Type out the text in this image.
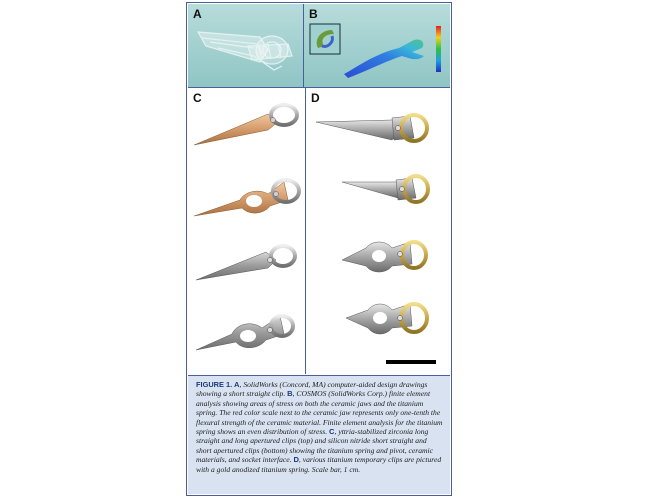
A	B
C	D
FIGURE 1. A, SolidWorks (Concord, MA) computer-aided design drawings showing a short straight clip. B, COSMOS (SolidWorks Corp.) finite element analysis showing areas of stress on both the ceramic jaws and the titanium spring. The red color scale next to the ceramic jaw represents only one-tenth the flexural strength of the ceramic material. Finite element analysis for the titanium spring shows an even distribution of stress. C, yttria-stabilized zirconia long straight and long apertured clips (top) and silicon nitride short straight and short apertured clips (bottom) showing the titanium spring and pivot, ceramic materials, and socket interface. D, various titanium temporary clips are pictured with a gold anodized titanium spring. Scale bar, 1 cm.
